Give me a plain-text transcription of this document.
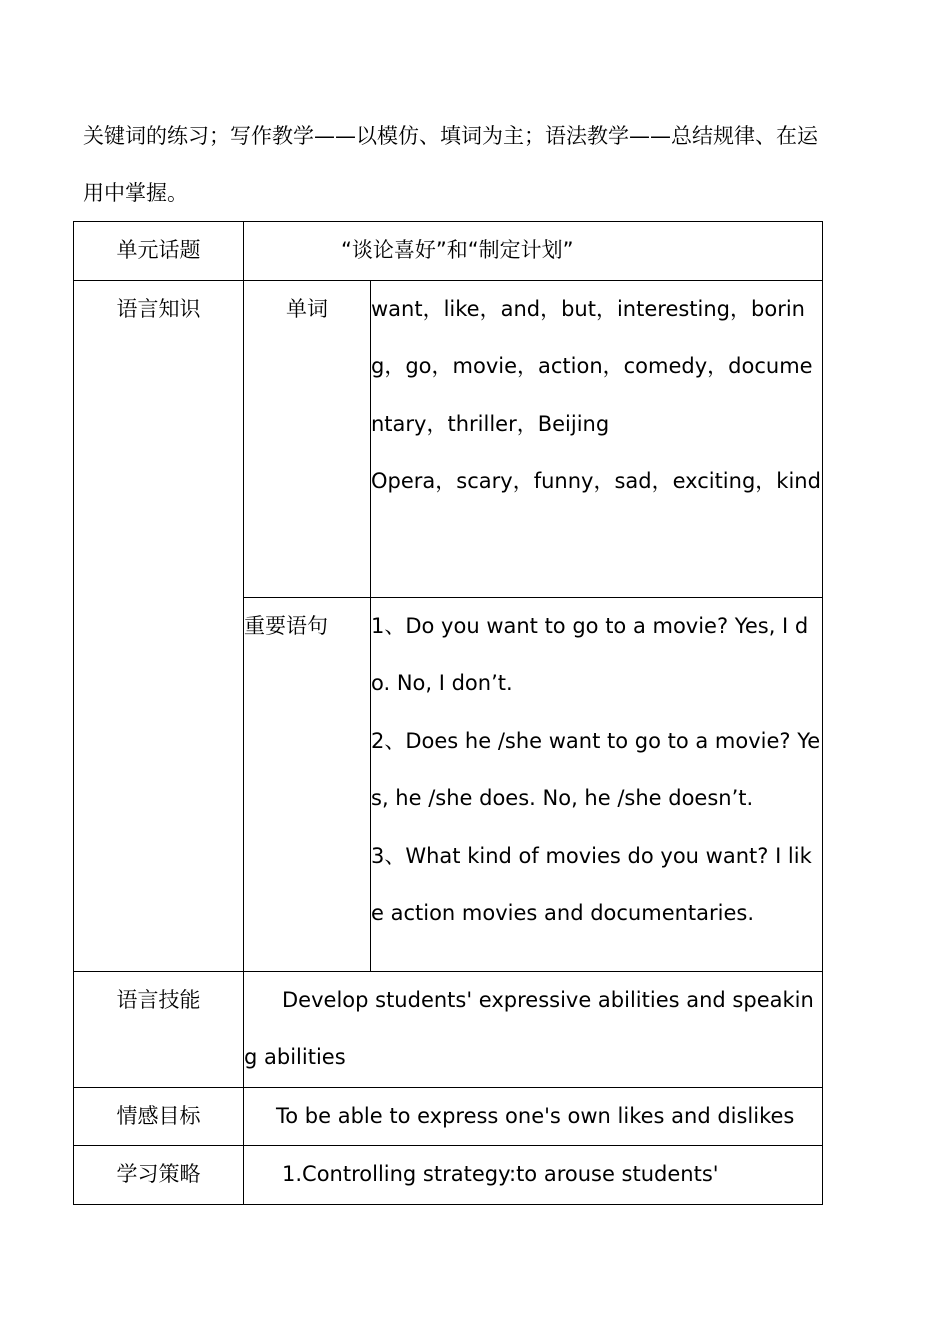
关键词的练习；写作教学——以模仿、填词为主；语法教学——总结规律、在运
用中掌握。
单元话题	“谈论喜好”和“制定计划”	

语言知识	单词	want，like，and，but，interesting，boring，go，movie，action，comedy，documentary，thriller，Beijing
Opera，scary，funny，sad，exciting，kind

	重要语句	1、Do you want to go to a movie? Yes, I do. No, I don’t.
2、Does he /she want to go to a movie? Yes, he /she does. No, he /she doesn’t.
3、What kind of movies do you want? I like action movies and documentaries.

语言技能	Develop students' expressive abilities and speaking abilities	

情感目标	To be able to express one's own likes and dislikes	

学习策略	1.Controlling strategy:to arouse students'	
